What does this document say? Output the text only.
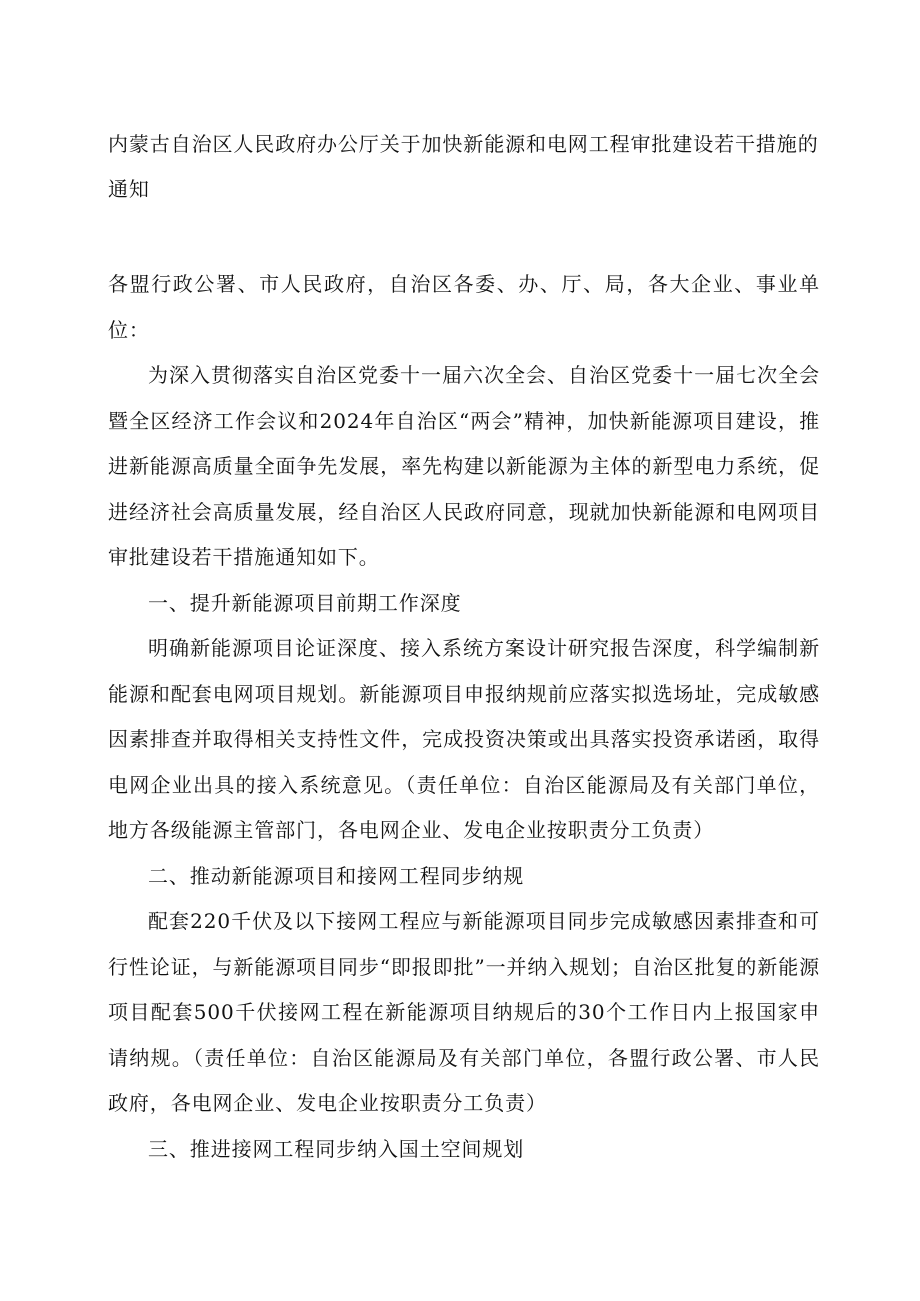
内蒙古自治区人民政府办公厅关于加快新能源和电网工程审批建设若干措施的通知

各盟行政公署、市人民政府，自治区各委、办、厅、局，各大企业、事业单位：

为深入贯彻落实自治区党委十一届六次全会、自治区党委十一届七次全会暨全区经济工作会议和2024年自治区“两会”精神，加快新能源项目建设，推进新能源高质量全面争先发展，率先构建以新能源为主体的新型电力系统，促进经济社会高质量发展，经自治区人民政府同意，现就加快新能源和电网项目审批建设若干措施通知如下。

一、提升新能源项目前期工作深度

明确新能源项目论证深度、接入系统方案设计研究报告深度，科学编制新能源和配套电网项目规划。新能源项目申报纳规前应落实拟选场址，完成敏感因素排查并取得相关支持性文件，完成投资决策或出具落实投资承诺函，取得电网企业出具的接入系统意见。（责任单位：自治区能源局及有关部门单位，地方各级能源主管部门，各电网企业、发电企业按职责分工负责）

二、推动新能源项目和接网工程同步纳规

配套220千伏及以下接网工程应与新能源项目同步完成敏感因素排查和可行性论证，与新能源项目同步“即报即批”一并纳入规划；自治区批复的新能源项目配套500千伏接网工程在新能源项目纳规后的30个工作日内上报国家申请纳规。（责任单位：自治区能源局及有关部门单位，各盟行政公署、市人民政府，各电网企业、发电企业按职责分工负责）

三、推进接网工程同步纳入国土空间规划
